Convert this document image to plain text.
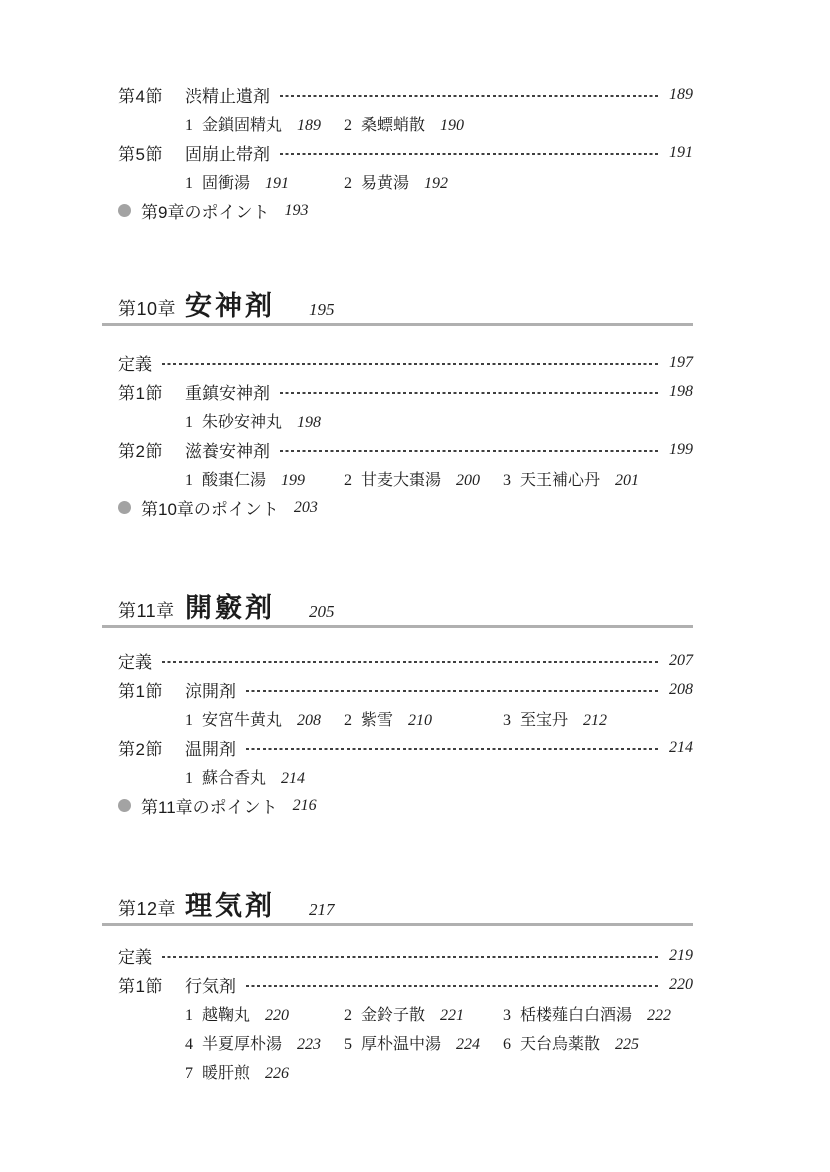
第4節	渋精止遺剤	189
1 金鎖固精丸 189 2 桑螵蛸散 190
第5節	固崩止帯剤	191
1 固衝湯 191	2 易黄湯 192
第9章のポイント 193
第10章 安神剤 195
定義	197
第1節	重鎮安神剤	198
1 朱砂安神丸 198
第2節	滋養安神剤	199
1 酸棗仁湯 199 2 甘麦大棗湯 200 3 天王補心丹 201
第10章のポイント 203
第11章 開竅剤 205
定義	207
第1節	涼開剤	208
1 安宮牛黄丸 208 2 紫雪 210	3 至宝丹 212
第2節	温開剤	214
1 蘇合香丸 214
第11章のポイント 216
第12章 理気剤 217
定義	219
第1節	行気剤	220
1 越鞠丸 220	2 金鈴子散 221 3 栝楼薤白白酒湯 222
4 半夏厚朴湯 223 5 厚朴温中湯 224 6 天台烏薬散 225
7 暖肝煎 226
